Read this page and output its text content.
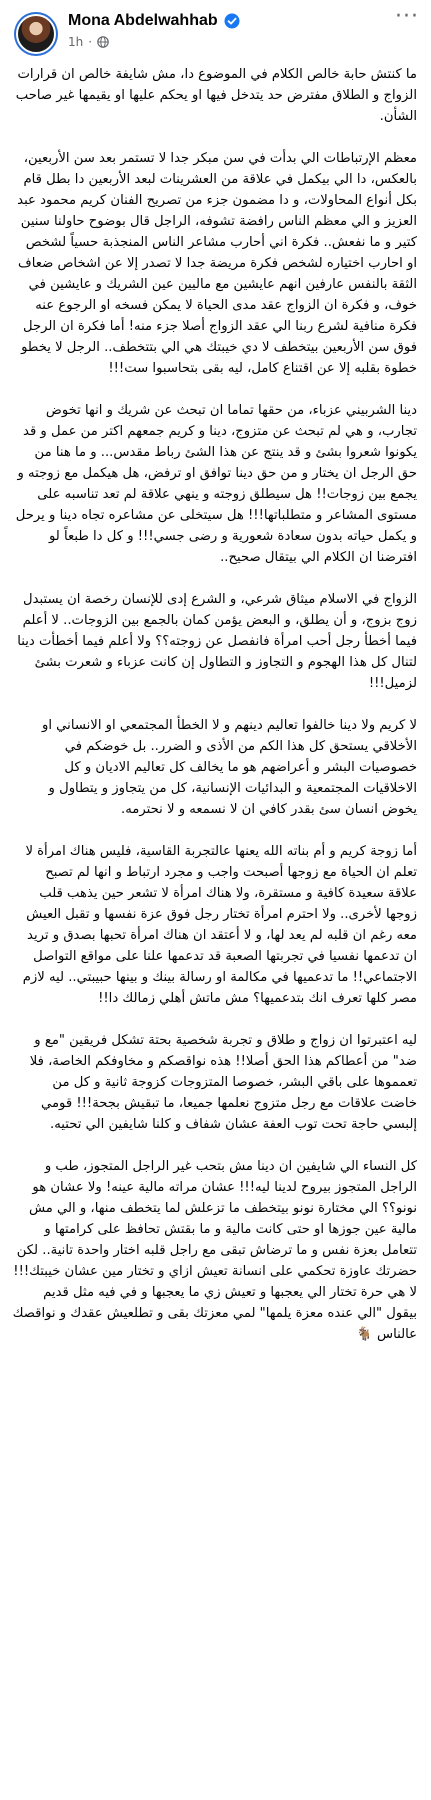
Mona Abdelwahhab
1h ·
···

ما كنتش حابة خالص الكلام في الموضوع دا، مش شايفة خالص ان قرارات الزواج و الطلاق مفترض حد يتدخل فيها او يحكم عليها او يقيمها غير صاحب الشأن.

معظم الإرتباطات الي بدأت في سن مبكر جدا لا تستمر بعد سن الأربعين، بالعكس، دا الي بيكمل في علاقة من العشرينات لبعد الأربعين دا بطل قام بكل أنواع المحاولات، و دا مضمون جزء من تصريح الفنان كريم محمود عبد العزيز و الي معظم الناس رافضة تشوفه، الراجل قال بوضوح حاولنا سنين كتير و ما نفعش.. فكرة اني أحارب مشاعر الناس المنجذبة حسياً لشخص او احارب اختياره لشخص فكرة مريضة جدا لا تصدر إلا عن اشخاص ضعاف الثقة بالنفس عارفين انهم عايشين مع ماليين عين الشريك و عايشين في خوف، و فكرة ان الزواج عقد مدى الحياة لا يمكن فسخه او الرجوع عنه فكرة منافية لشرع ربنا الي عقد الزواج أصلا جزء منه! أما فكرة ان الرجل فوق سن الأربعين بيتخطف لا دي خيبتك هي الي بتتخطف.. الرجل لا يخطو خطوة بقلبه إلا عن اقتناع كامل، ليه بقى بتحاسبوا ست!!!

دينا الشربيني عزباء، من حقها تماما ان تبحث عن شريك و انها تخوض تجارب، و هي لم تبحث عن متزوج، دينا و كريم جمعهم اكتر من عمل و قد يكونوا شعروا بشئ و قد ينتج عن هذا الشئ رباط مقدس... و ما هنا من حق الرجل ان يختار و من حق دينا توافق او ترفض، هل هيكمل مع زوجته و يجمع بين زوجات!! هل سيطلق زوجته و ينهي علاقة لم تعد تناسبه على مستوى المشاعر و متطلباتها!!! هل سيتخلى عن مشاعره تجاه دينا و يرحل و يكمل حياته بدون سعادة شعورية و رضى جسي!!! و كل دا طبعاً لو افترضنا ان الكلام الي بيتقال صحيح..

الزواج في الاسلام ميثاق شرعي، و الشرع إدى للإنسان رخصة ان يستبدل زوج بزوج، و أن يطلق، و البعض يؤمن كمان بالجمع بين الزوجات.. لا أعلم فيما أخطأ رجل أحب امرأة فانفصل عن زوجته؟؟ ولا أعلم فيما أخطأت دينا لتنال كل هذا الهجوم و التجاوز و التطاول إن كانت عزباء و شعرت بشئ لزميل!!!

لا كريم ولا دينا خالفوا تعاليم دينهم و لا الخطأ المجتمعي او الانساني او الأخلاقي يستحق كل هذا الكم من الأذى و الضرر.. بل خوضكم في خصوصيات البشر و أعراضهم هو ما يخالف كل تعاليم الاديان و كل الاخلاقيات المجتمعية و البدائيات الإنسانية، كل من يتجاوز و يتطاول و يخوض انسان سئ بقدر كافي ان لا نسمعه و لا نحترمه.

أما زوجة كريم و أم بناته الله يعنها عالتجربة القاسية، فليس هناك امرأة لا تعلم ان الحياة مع زوجها أصبحت واجب و مجرد ارتباط و انها لم تصبح علاقة سعيدة كافية و مستقرة، ولا هناك امرأة لا تشعر حين يذهب قلب زوجها لأخرى.. ولا احترم امرأة تختار رجل فوق عزة نفسها و تقبل العيش معه رغم ان قلبه لم يعد لها، و لا أعتقد ان هناك امرأة تحبها بصدق و تريد ان تدعمها نفسيا في تجربتها الصعبة قد تدعمها علنا على مواقع التواصل الاجتماعي!! ما تدعميها في مكالمة او رسالة بينك و بينها حبيبتي.. ليه لازم مصر كلها تعرف انك بتدعميها؟ مش ماتش أهلي زمالك دا!!

ليه اعتبرتوا ان زواج و طلاق و تجربة شخصية بحتة تشكل فريقين "مع و ضد" من أعطاكم هذا الحق أصلا!! هذه نواقصكم و مخاوفكم الخاصة، فلا تعمموها على باقي البشر، خصوصا المتزوجات كزوجة ثانية و كل من خاضت علاقات مع رجل متزوج نعلمها جميعا، ما تبقيش بجحة!!! قومي إلبسي حاجة تحت توب العفة عشان شفاف و كلنا شايفين الي تحتيه.

كل النساء الي شايفين ان دينا مش بتحب غير الراجل المتجوز، طب و الراجل المتجوز بيروح لدينا ليه!!! عشان مراته مالية عينه! ولا عشان هو نونو؟؟ الي مختارة نونو بيتخطف ما تزعلش لما يتخطف منها، و الي مش مالية عين جوزها او حتى كانت مالية و ما بقتش تحافظ على كرامتها و تتعامل بعزة نفس و ما ترضاش تبقى مع راجل قلبه اختار واحدة تانية.. لكن حضرتك عاوزة تحكمي على انسانة تعيش ازاي و تختار مين عشان خيبتك!!! لا هي حرة تختار الي يعجبها و تعيش زي ما يعجبها و في فيه مثل قديم بيقول "الي عنده معزة يلمها" لمي معزتك بقى و تطلعيش عقدك و نواقصك عالناس 🐐
